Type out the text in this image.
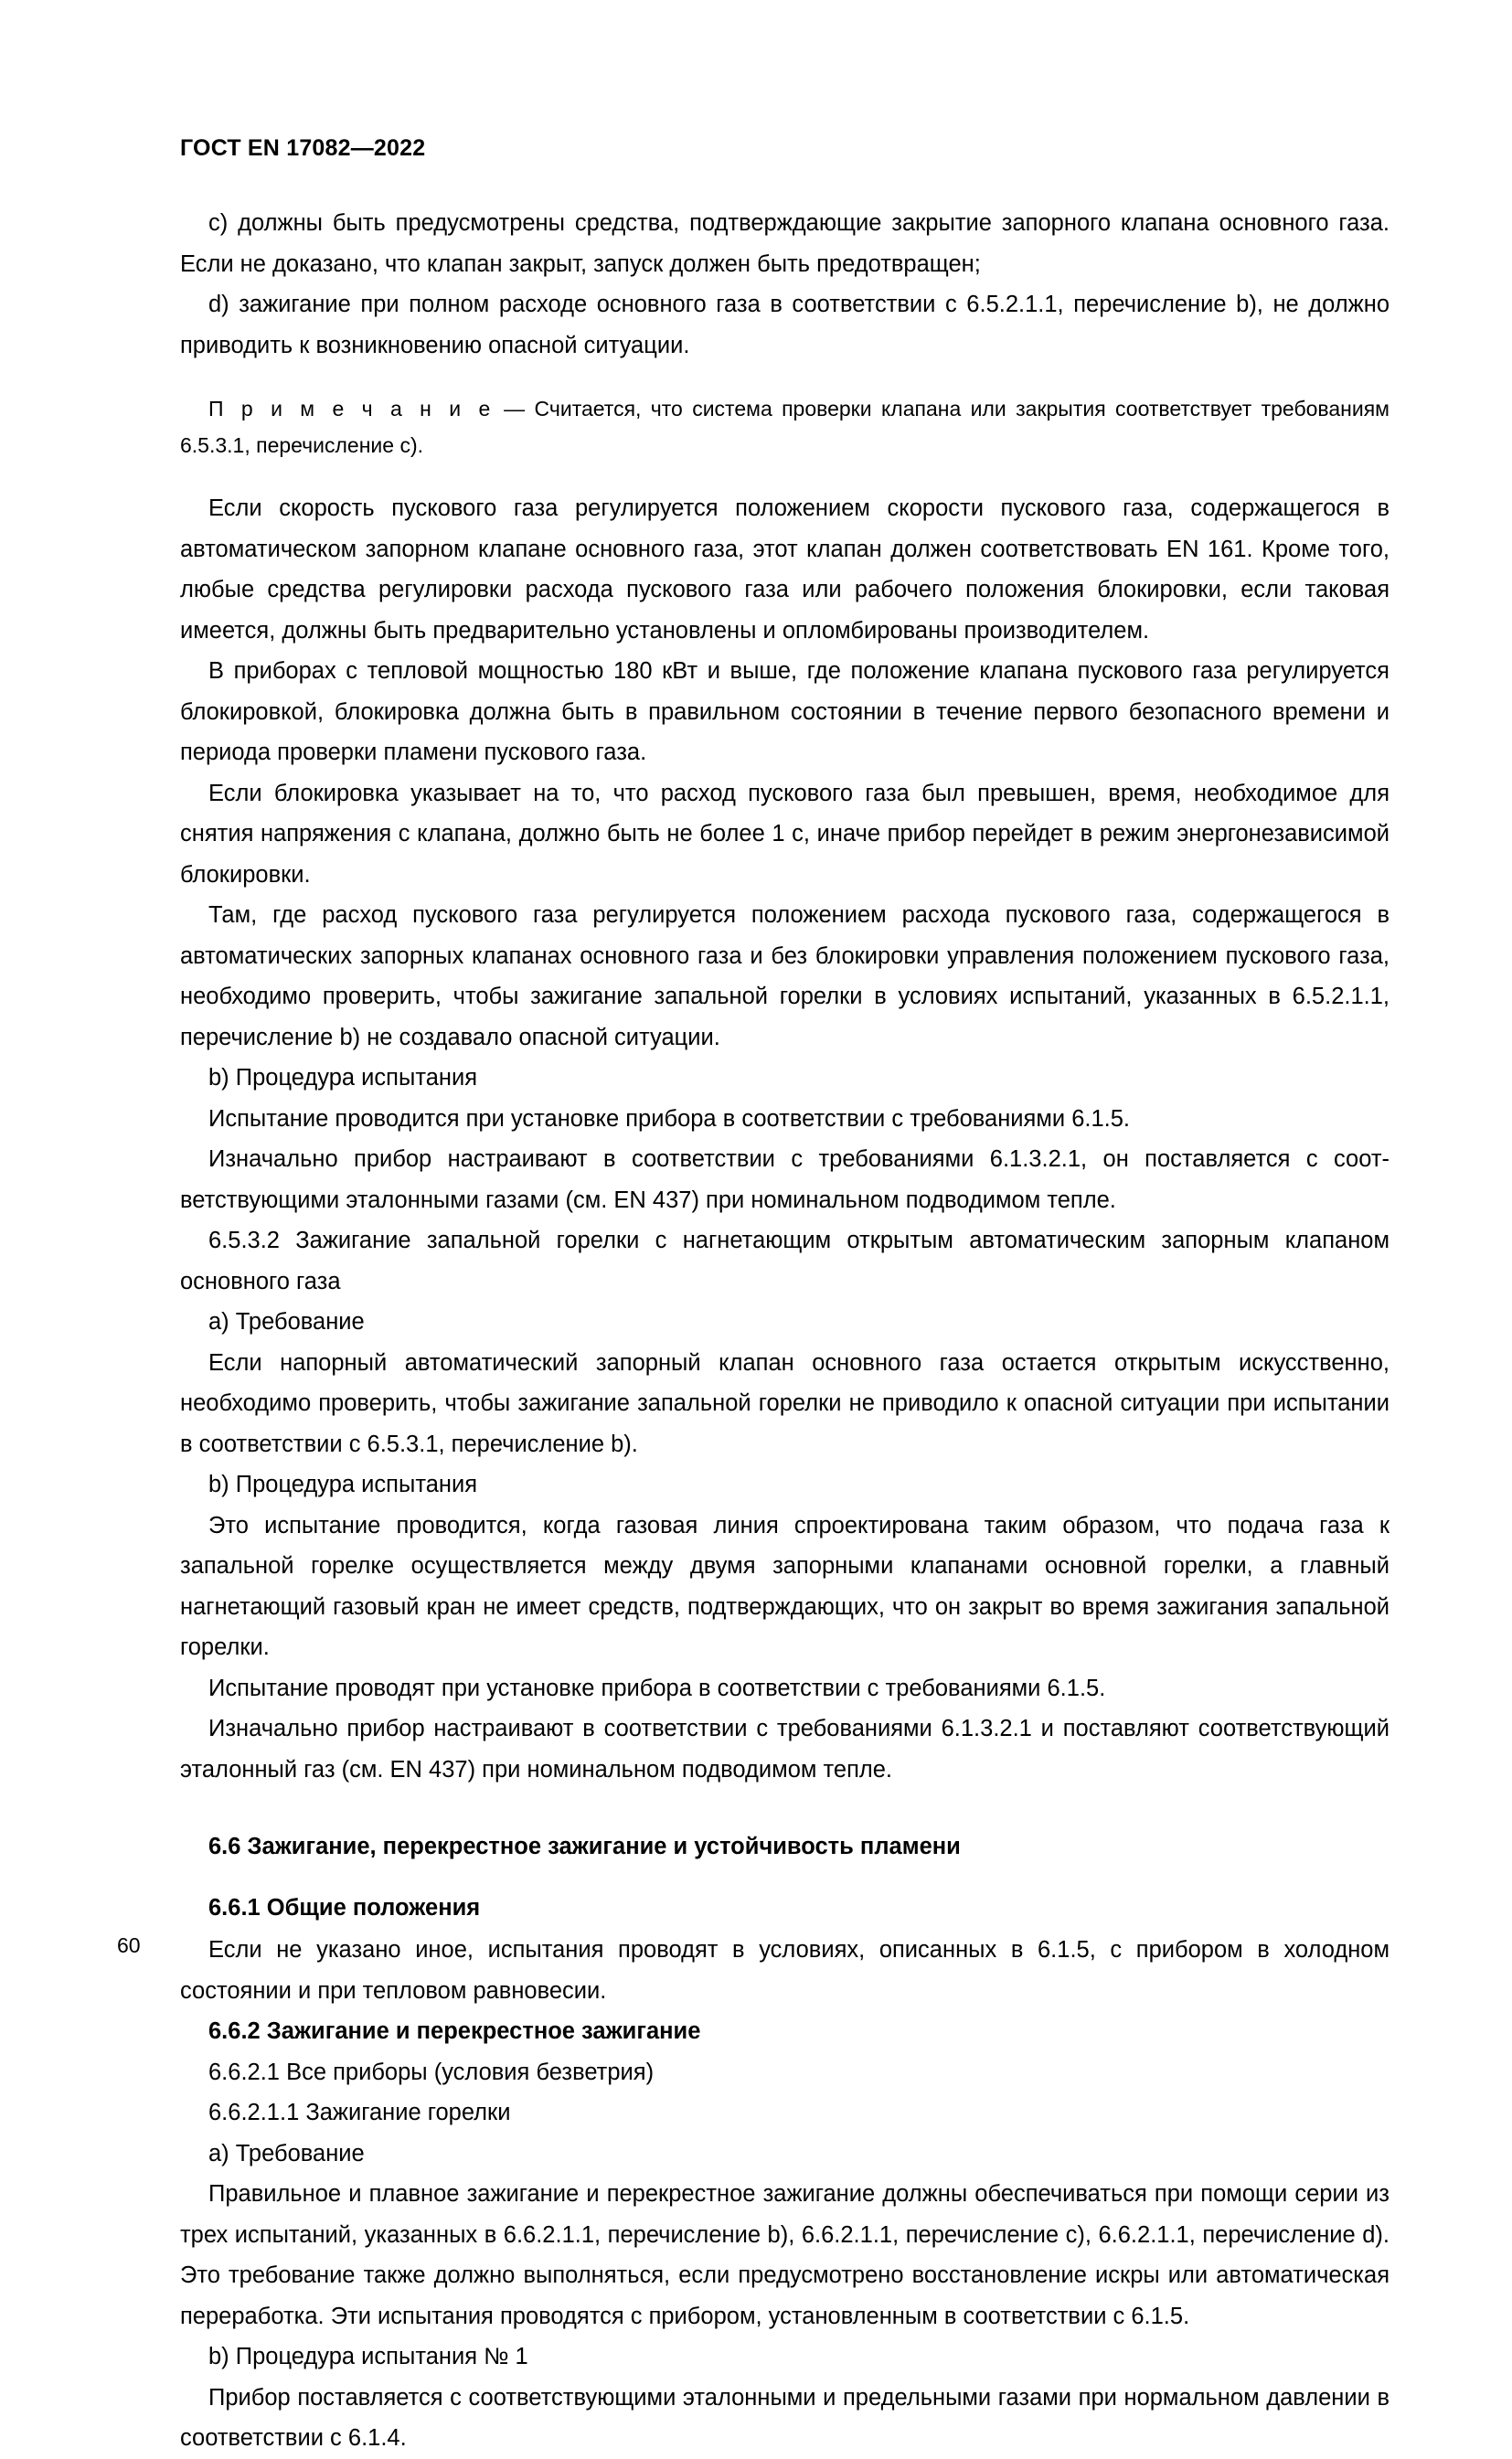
ГОСТ EN 17082—2022

c) должны быть предусмотрены средства, подтверждающие закрытие запорного клапана основного газа. Если не доказано, что клапан закрыт, запуск должен быть предотвращен;

d) зажигание при полном расходе основного газа в соответствии с 6.5.2.1.1, перечисление b), не должно приводить к возникновению опасной ситуации.

П р и м е ч а н и е — Считается, что система проверки клапана или закрытия соответствует требованиям 6.5.3.1, перечисление c).

Если скорость пускового газа регулируется положением скорости пускового газа, содержащегося в автоматическом запорном клапане основного газа, этот клапан должен соответствовать EN 161. Кроме того, любые средства регулировки расхода пускового газа или рабочего положения блокировки, если таковая имеется, должны быть предварительно установлены и опломбированы производителем.

В приборах с тепловой мощностью 180 кВт и выше, где положение клапана пускового газа регулируется блокировкой, блокировка должна быть в правильном состоянии в течение первого безопасного времени и периода проверки пламени пускового газа.

Если блокировка указывает на то, что расход пускового газа был превышен, время, необходимое для снятия напряжения с клапана, должно быть не более 1 с, иначе прибор перейдет в режим энергонезависимой блокировки.

Там, где расход пускового газа регулируется положением расхода пускового газа, содержащегося в автоматических запорных клапанах основного газа и без блокировки управления положением пускового газа, необходимо проверить, чтобы зажигание запальной горелки в условиях испытаний, указанных в 6.5.2.1.1, перечисление b) не создавало опасной ситуации.

b) Процедура испытания

Испытание проводится при установке прибора в соответствии с требованиями 6.1.5.

Изначально прибор настраивают в соответствии с требованиями 6.1.3.2.1, он поставляется с соответствующими эталонными газами (см. EN 437) при номинальном подводимом тепле.

6.5.3.2 Зажигание запальной горелки с нагнетающим открытым автоматическим запорным клапаном основного газа

a) Требование

Если напорный автоматический запорный клапан основного газа остается открытым искусственно, необходимо проверить, чтобы зажигание запальной горелки не приводило к опасной ситуации при испытании в соответствии с 6.5.3.1, перечисление b).

b) Процедура испытания

Это испытание проводится, когда газовая линия спроектирована таким образом, что подача газа к запальной горелке осуществляется между двумя запорными клапанами основной горелки, а главный нагнетающий газовый кран не имеет средств, подтверждающих, что он закрыт во время зажигания запальной горелки.

Испытание проводят при установке прибора в соответствии с требованиями 6.1.5.

Изначально прибор настраивают в соответствии с требованиями 6.1.3.2.1 и поставляют соответствующий эталонный газ (см. EN 437) при номинальном подводимом тепле.

6.6 Зажигание, перекрестное зажигание и устойчивость пламени

6.6.1 Общие положения

Если не указано иное, испытания проводят в условиях, описанных в 6.1.5, с прибором в холодном состоянии и при тепловом равновесии.

6.6.2 Зажигание и перекрестное зажигание

6.6.2.1 Все приборы (условия безветрия)

6.6.2.1.1 Зажигание горелки

a) Требование

Правильное и плавное зажигание и перекрестное зажигание должны обеспечиваться при помощи серии из трех испытаний, указанных в 6.6.2.1.1, перечисление b), 6.6.2.1.1, перечисление c), 6.6.2.1.1, перечисление d). Это требование также должно выполняться, если предусмотрено восстановление искры или автоматическая переработка. Эти испытания проводятся с прибором, установленным в соответствии с 6.1.5.

b) Процедура испытания № 1

Прибор поставляется с соответствующими эталонными и предельными газами при нормальном давлении в соответствии с 6.1.4.

60
